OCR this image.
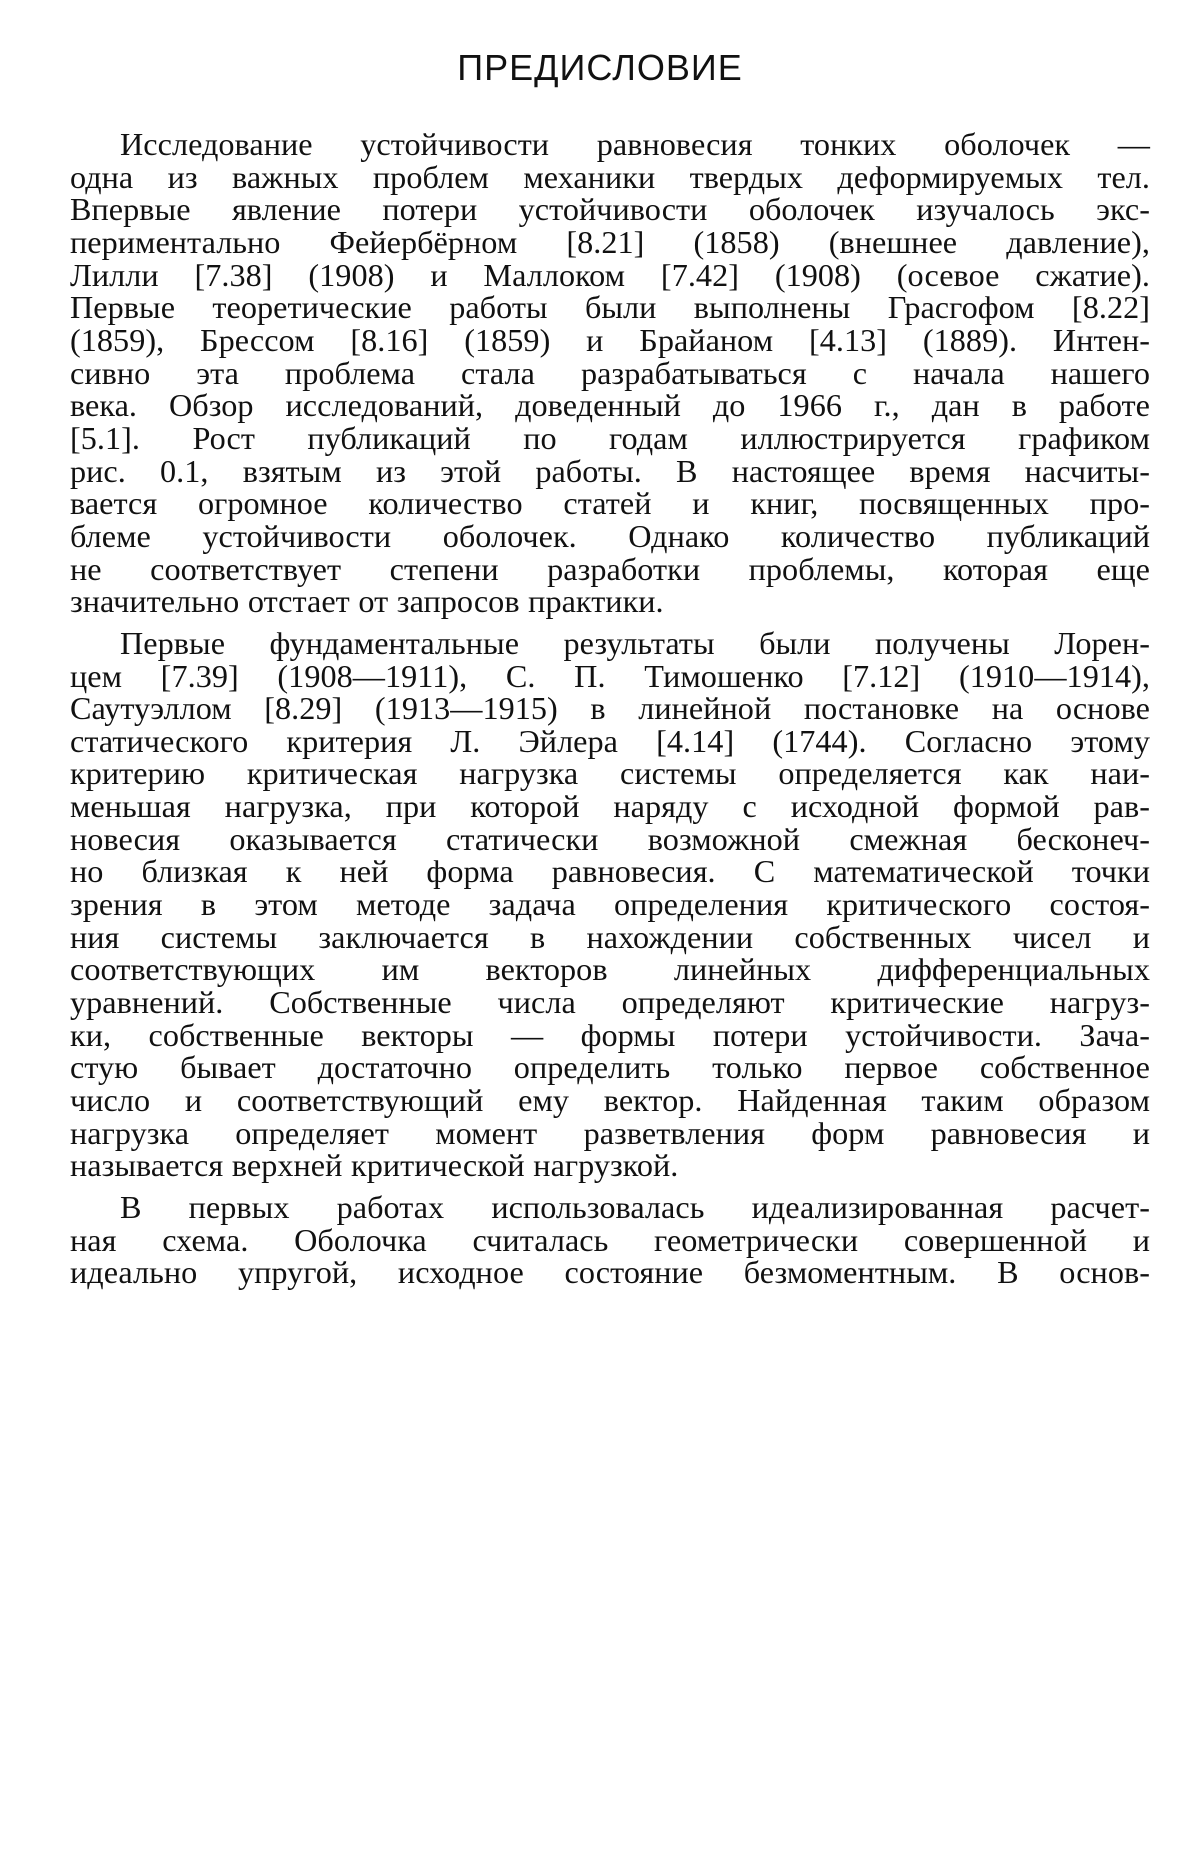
ПРЕДИСЛОВИЕ

Исследование устойчивости равновесия тонких оболочек —
одна из важных проблем механики твердых деформируемых тел.
Впервые явление потери устойчивости оболочек изучалось экс-
периментально Фейербёрном [8.21] (1858) (внешнее давление),
Лилли [7.38] (1908) и Маллоком [7.42] (1908) (осевое сжатие).
Первые теоретические работы были выполнены Грасгофом [8.22]
(1859), Брессом [8.16] (1859) и Брайаном [4.13] (1889). Интен-
сивно эта проблема стала разрабатываться с начала нашего
века. Обзор исследований, доведенный до 1966 г., дан в работе
[5.1]. Рост публикаций по годам иллюстрируется графиком
рис. 0.1, взятым из этой работы. В настоящее время насчиты-
вается огромное количество статей и книг, посвященных про-
блеме устойчивости оболочек. Однако количество публикаций
не соответствует степени разработки проблемы, которая еще
значительно отстает от запросов практики.

Первые фундаментальные результаты были получены Лорен-
цем [7.39] (1908—1911), С. П. Тимошенко [7.12] (1910—1914),
Саутуэллом [8.29] (1913—1915) в линейной постановке на основе
статического критерия Л. Эйлера [4.14] (1744). Согласно этому
критерию критическая нагрузка системы определяется как наи-
меньшая нагрузка, при которой наряду с исходной формой рав-
новесия оказывается статически возможной смежная бесконеч-
но близкая к ней форма равновесия. С математической точки
зрения в этом методе задача определения критического состоя-
ния системы заключается в нахождении собственных чисел и
соответствующих им векторов линейных дифференциальных
уравнений. Собственные числа определяют критические нагруз-
ки, собственные векторы — формы потери устойчивости. Зача-
стую бывает достаточно определить только первое собственное
число и соответствующий ему вектор. Найденная таким образом
нагрузка определяет момент разветвления форм равновесия и
называется верхней критической нагрузкой.

В первых работах использовалась идеализированная расчет-
ная схема. Оболочка считалась геометрически совершенной и
идеально упругой, исходное состояние безмоментным. В основ-
